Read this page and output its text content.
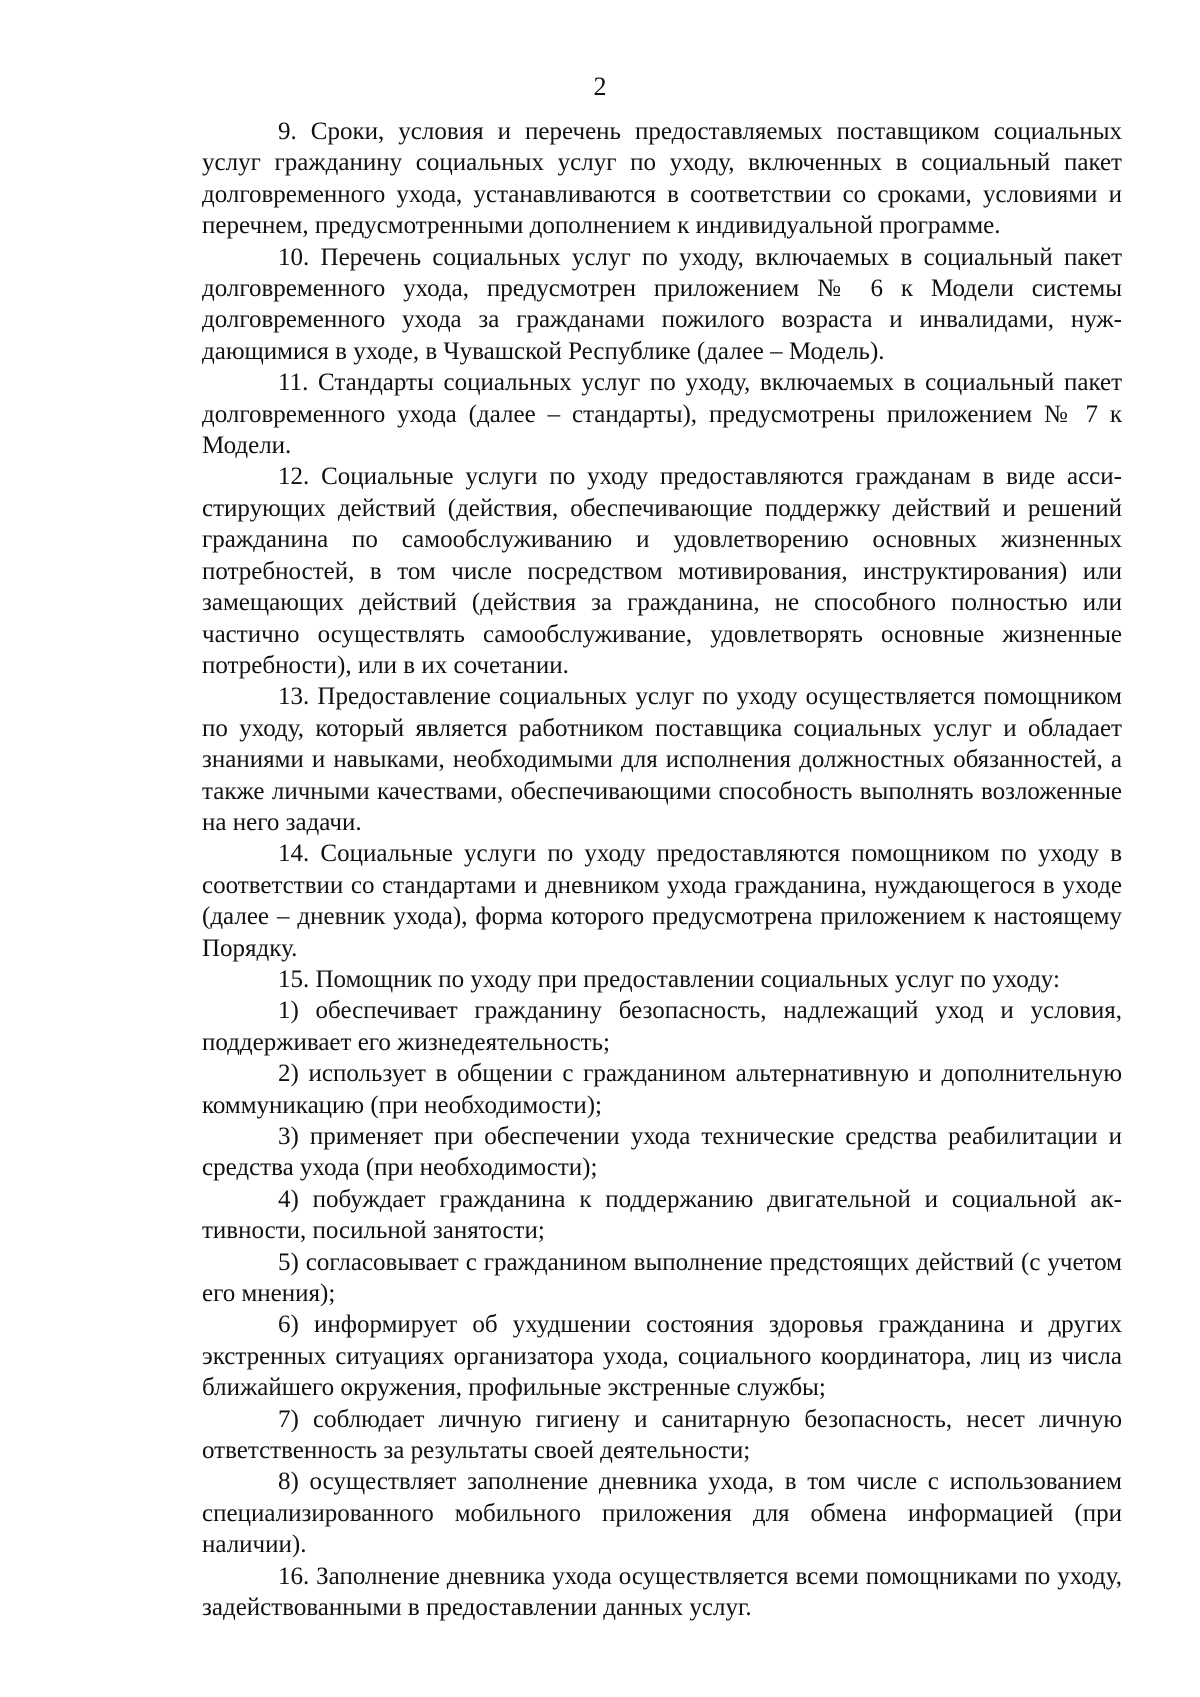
2

9. Сроки, условия и перечень предоставляемых поставщиком социальных услуг гражданину социальных услуг по уходу, включенных в социальный пакет долговременного ухода, устанавливаются в соответствии со сроками, условиями и перечнем, предусмотренными дополнением к индивидуальной программе.

10. Перечень социальных услуг по уходу, включаемых в социальный пакет долговременного ухода, предусмотрен приложением № 6 к Модели системы долговременного ухода за гражданами пожилого возраста и инвалидами, нуждающимися в уходе, в Чувашской Республике (далее – Модель).

11. Стандарты социальных услуг по уходу, включаемых в социальный пакет долговременного ухода (далее – стандарты), предусмотрены приложением № 7 к Модели.

12. Социальные услуги по уходу предоставляются гражданам в виде ассистирующих действий (действия, обеспечивающие поддержку действий и решений гражданина по самообслуживанию и удовлетворению основных жизненных потребностей, в том числе посредством мотивирования, инструктирования) или замещающих действий (действия за гражданина, не способного полностью или частично осуществлять самообслуживание, удовлетворять основные жизненные потребности), или в их сочетании.

13. Предоставление социальных услуг по уходу осуществляется помощником по уходу, который является работником поставщика социальных услуг и обладает знаниями и навыками, необходимыми для исполнения должностных обязанностей, а также личными качествами, обеспечивающими способность выполнять возложенные на него задачи.

14. Социальные услуги по уходу предоставляются помощником по уходу в соответствии со стандартами и дневником ухода гражданина, нуждающегося в уходе (далее – дневник ухода), форма которого предусмотрена приложением к настоящему Порядку.

15. Помощник по уходу при предоставлении социальных услуг по уходу:

1) обеспечивает гражданину безопасность, надлежащий уход и условия, поддерживает его жизнедеятельность;

2) использует в общении с гражданином альтернативную и дополнительную коммуникацию (при необходимости);

3) применяет при обеспечении ухода технические средства реабилитации и средства ухода (при необходимости);

4) побуждает гражданина к поддержанию двигательной и социальной активности, посильной занятости;

5) согласовывает с гражданином выполнение предстоящих действий (с учетом его мнения);

6) информирует об ухудшении состояния здоровья гражданина и других экстренных ситуациях организатора ухода, социального координатора, лиц из числа ближайшего окружения, профильные экстренные службы;

7) соблюдает личную гигиену и санитарную безопасность, несет личную ответственность за результаты своей деятельности;

8) осуществляет заполнение дневника ухода, в том числе с использованием специализированного мобильного приложения для обмена информацией (при наличии).

16. Заполнение дневника ухода осуществляется всеми помощниками по уходу, задействованными в предоставлении данных услуг.
